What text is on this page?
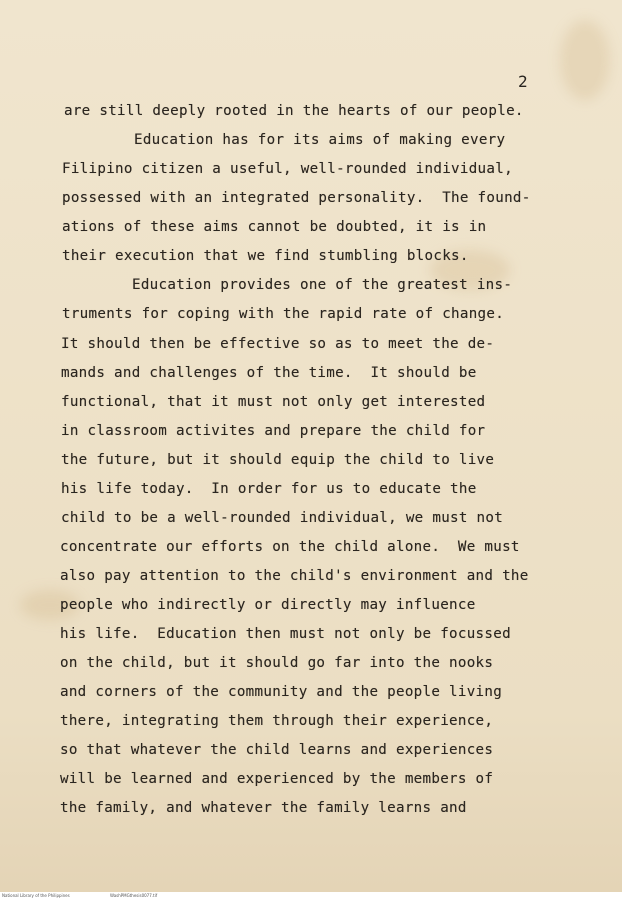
2
are still deeply rooted in the hearts of our people.
Education has for its aims of making every
Filipino citizen a useful, well-rounded individual,
possessed with an integrated personality.  The found-
ations of these aims cannot be doubted, it is in
their execution that we find stumbling blocks.
Education provides one of the greatest ins-
truments for coping with the rapid rate of change.
It should then be effective so as to meet the de-
mands and challenges of the time.  It should be
functional, that it must not only get interested
in classroom activites and prepare the child for
the future, but it should equip the child to live
his life today.  In order for us to educate the
child to be a well-rounded individual, we must not
concentrate our efforts on the child alone.  We must
also pay attention to the child's environment and the
people who indirectly or directly may influence
his life.  Education then must not only be focussed
on the child, but it should go far into the nooks
and corners of the community and the people living
there, integrating them through their experience,
so that whatever the child learns and experiences
will be learned and experienced by the members of
the family, and whatever the family learns and
National Library of the Philippines	WashPMGthesis0077.tif
